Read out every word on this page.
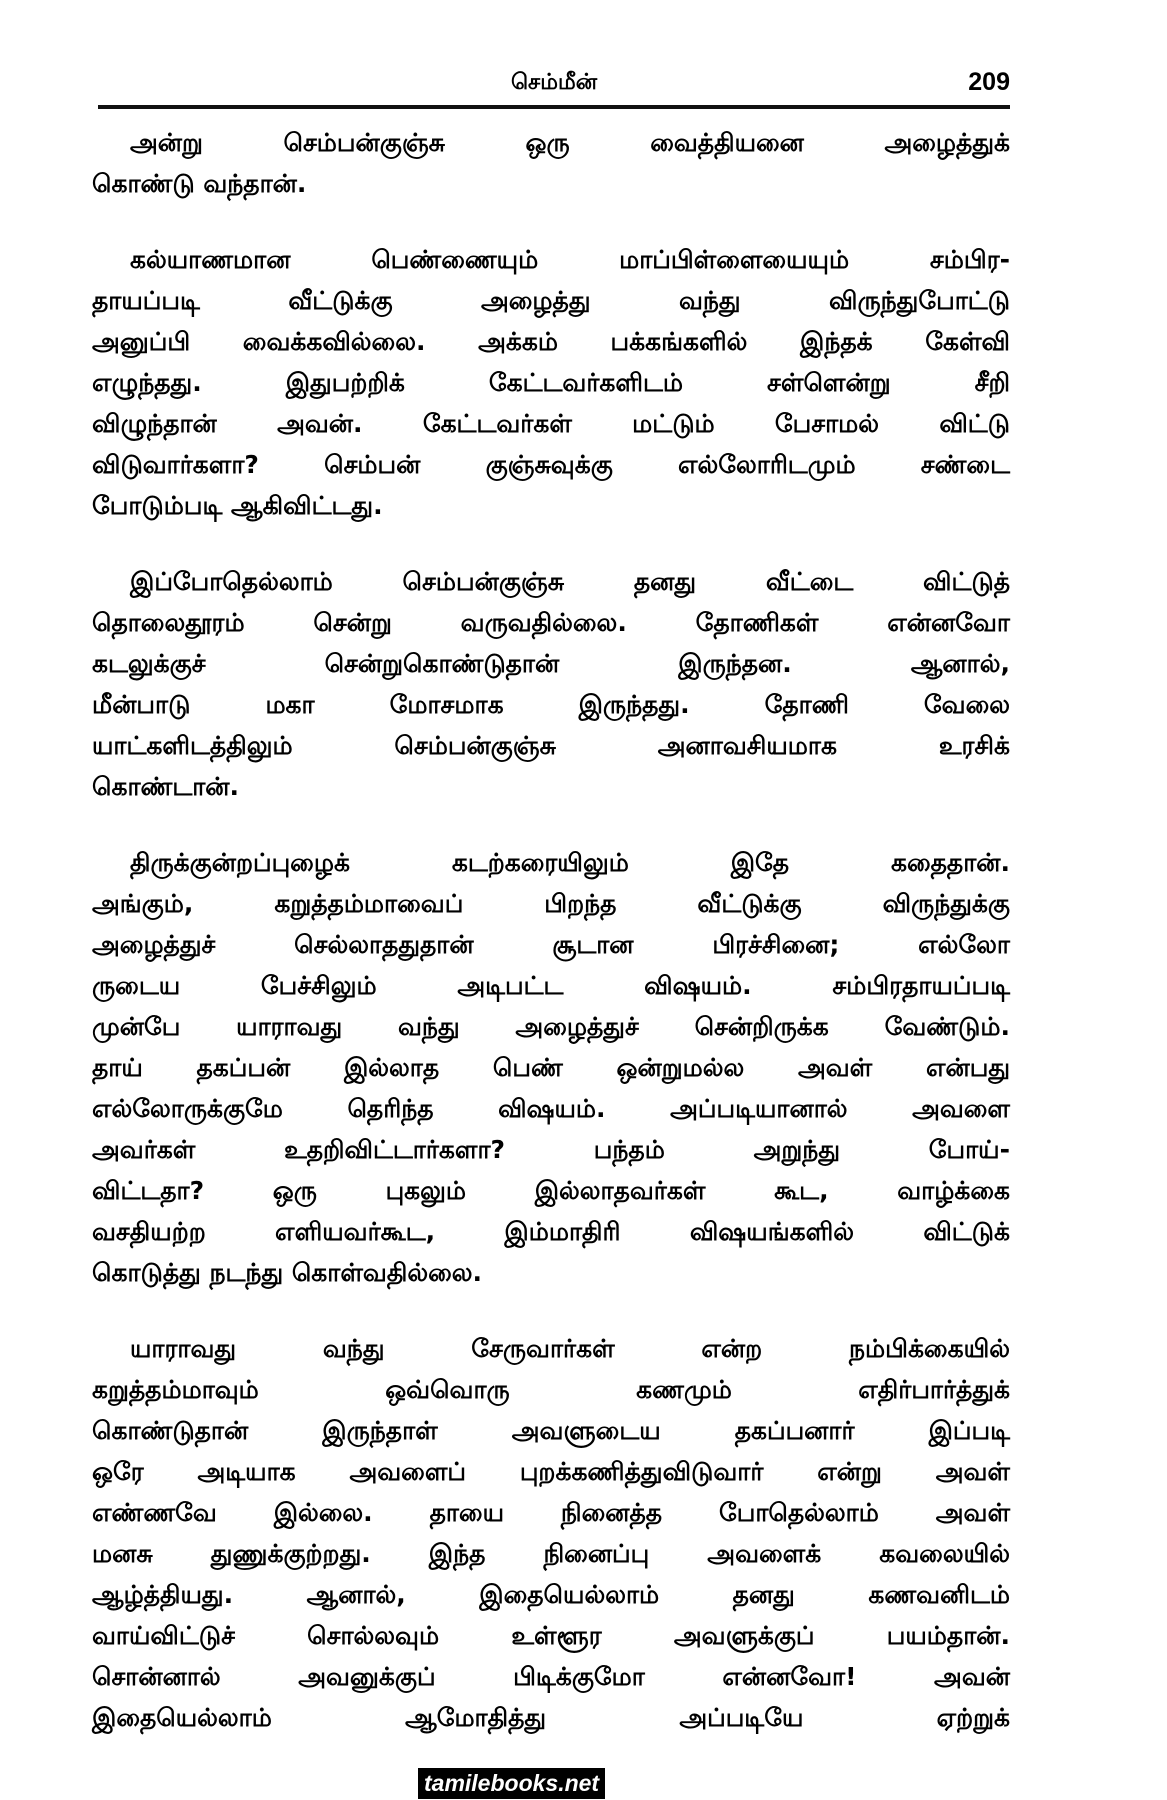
செம்மீன்	209
அன்று செம்பன்குஞ்சு ஒரு வைத்தியனை அழைத்துக்
கொண்டு வந்தான்.
கல்யாணமான பெண்ணையும் மாப்பிள்ளையையும் சம்பிர-
தாயப்படி வீட்டுக்கு அழைத்து வந்து விருந்துபோட்டு
அனுப்பி வைக்கவில்லை. அக்கம் பக்கங்களில் இந்தக் கேள்வி
எழுந்தது. இதுபற்றிக் கேட்டவர்களிடம் சள்ளென்று சீறி
விழுந்தான் அவன். கேட்டவர்கள் மட்டும் பேசாமல் விட்டு
விடுவார்களா? செம்பன் குஞ்சுவுக்கு எல்லோரிடமும் சண்டை
போடும்படி ஆகிவிட்டது.
இப்போதெல்லாம் செம்பன்குஞ்சு தனது வீட்டை விட்டுத்
தொலைதூரம் சென்று வருவதில்லை. தோணிகள் என்னவோ
கடலுக்குச் சென்றுகொண்டுதான் இருந்தன. ஆனால்,
மீன்பாடு மகா மோசமாக இருந்தது. தோணி வேலை
யாட்களிடத்திலும் செம்பன்குஞ்சு அனாவசியமாக உரசிக்
கொண்டான்.
திருக்குன்றப்புழைக் கடற்கரையிலும் இதே கதைதான்.
அங்கும், கறுத்தம்மாவைப் பிறந்த வீட்டுக்கு விருந்துக்கு
அழைத்துச் செல்லாததுதான் சூடான பிரச்சினை; எல்லோ
ருடைய பேச்சிலும் அடிபட்ட விஷயம். சம்பிரதாயப்படி
முன்பே யாராவது வந்து அழைத்துச் சென்றிருக்க வேண்டும்.
தாய் தகப்பன் இல்லாத பெண் ஒன்றுமல்ல அவள் என்பது
எல்லோருக்குமே தெரிந்த விஷயம். அப்படியானால் அவளை
அவர்கள் உதறிவிட்டார்களா? பந்தம் அறுந்து போய்-
விட்டதா? ஒரு புகலும் இல்லாதவர்கள் கூட, வாழ்க்கை
வசதியற்ற எளியவர்கூட, இம்மாதிரி விஷயங்களில் விட்டுக்
கொடுத்து நடந்து கொள்வதில்லை.
யாராவது வந்து சேருவார்கள் என்ற நம்பிக்கையில்
கறுத்தம்மாவும் ஒவ்வொரு கணமும் எதிர்பார்த்துக்
கொண்டுதான் இருந்தாள் அவளுடைய தகப்பனார் இப்படி
ஒரே அடியாக அவளைப் புறக்கணித்துவிடுவார் என்று அவள்
எண்ணவே இல்லை. தாயை நினைத்த போதெல்லாம் அவள்
மனசு துணுக்குற்றது. இந்த நினைப்பு அவளைக் கவலையில்
ஆழ்த்தியது. ஆனால், இதையெல்லாம் தனது கணவனிடம்
வாய்விட்டுச் சொல்லவும் உள்ளூர அவளுக்குப் பயம்தான்.
சொன்னால் அவனுக்குப் பிடிக்குமோ என்னவோ! அவன்
இதையெல்லாம் ஆமோதித்து அப்படியே ஏற்றுக்
tamilebooks.net
